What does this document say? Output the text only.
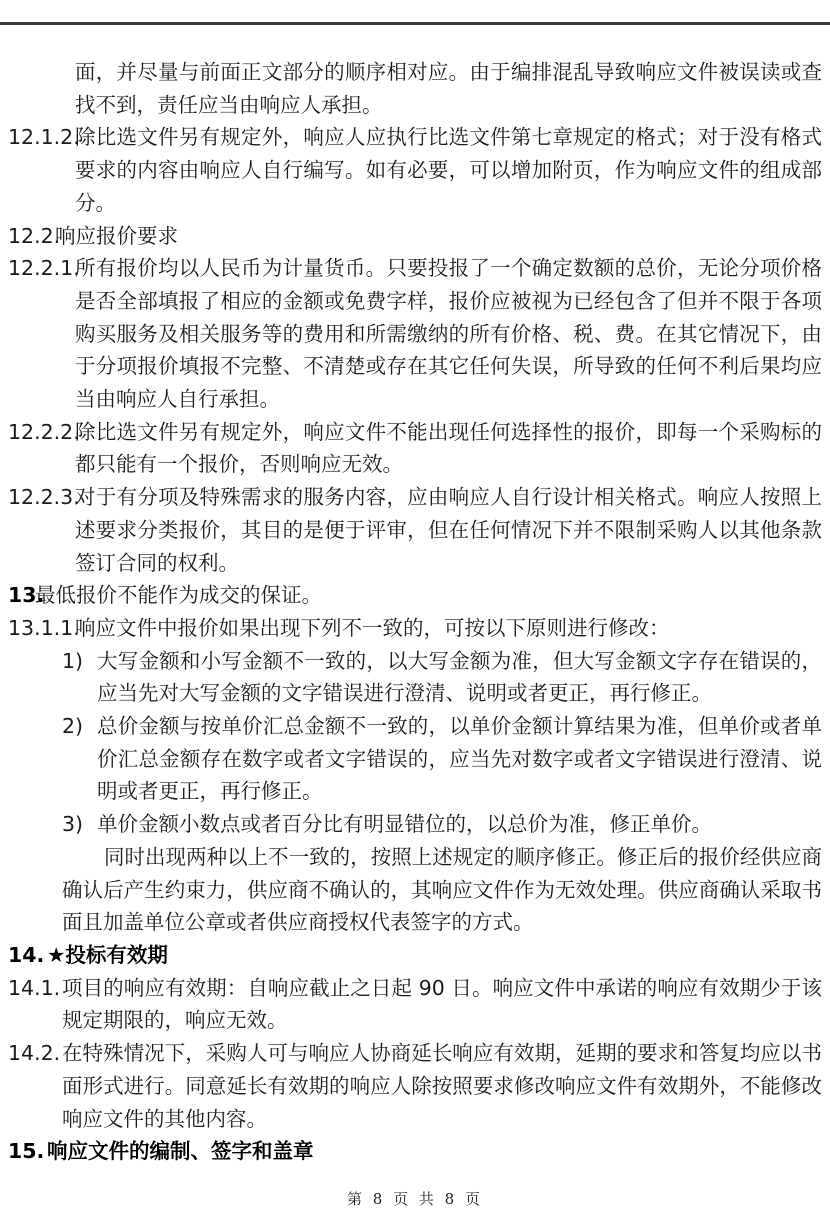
面，并尽量与前面正文部分的顺序相对应。由于编排混乱导致响应文件被误读或查找不到，责任应当由响应人承担。
12.1.2.
除比选文件另有规定外，响应人应执行比选文件第七章规定的格式；对于没有格式要求的内容由响应人自行编写。如有必要，可以增加附页，作为响应文件的组成部分。
12.2.
响应报价要求
12.2.1.
所有报价均以人民币为计量货币。只要投报了一个确定数额的总价，无论分项价格是否全部填报了相应的金额或免费字样，报价应被视为已经包含了但并不限于各项购买服务及相关服务等的费用和所需缴纳的所有价格、税、费。在其它情况下，由于分项报价填报不完整、不清楚或存在其它任何失误，所导致的任何不利后果均应当由响应人自行承担。
12.2.2.
除比选文件另有规定外，响应文件不能出现任何选择性的报价，即每一个采购标的都只能有一个报价，否则响应无效。
12.2.3.
对于有分项及特殊需求的服务内容，应由响应人自行设计相关格式。响应人按照上述要求分类报价，其目的是便于评审，但在任何情况下并不限制采购人以其他条款签订合同的权利。
13.
最低报价不能作为成交的保证。
13.1.1.
响应文件中报价如果出现下列不一致的，可按以下原则进行修改：
1) 大写金额和小写金额不一致的，以大写金额为准，但大写金额文字存在错误的，应当先对大写金额的文字错误进行澄清、说明或者更正，再行修正。
2) 总价金额与按单价汇总金额不一致的，以单价金额计算结果为准，但单价或者单价汇总金额存在数字或者文字错误的，应当先对数字或者文字错误进行澄清、说明或者更正，再行修正。
3) 单价金额小数点或者百分比有明显错位的，以总价为准，修正单价。
同时出现两种以上不一致的，按照上述规定的顺序修正。修正后的报价经供应商确认后产生约束力，供应商不确认的，其响应文件作为无效处理。供应商确认采取书面且加盖单位公章或者供应商授权代表签字的方式。
14. ★投标有效期
14.1. 项目的响应有效期：自响应截止之日起 90 日。响应文件中承诺的响应有效期少于该规定期限的，响应无效。
14.2. 在特殊情况下，采购人可与响应人协商延长响应有效期，延期的要求和答复均应以书面形式进行。同意延长有效期的响应人除按照要求修改响应文件有效期外，不能修改响应文件的其他内容。
15. 响应文件的编制、签字和盖章
第 8 页 共 8 页
